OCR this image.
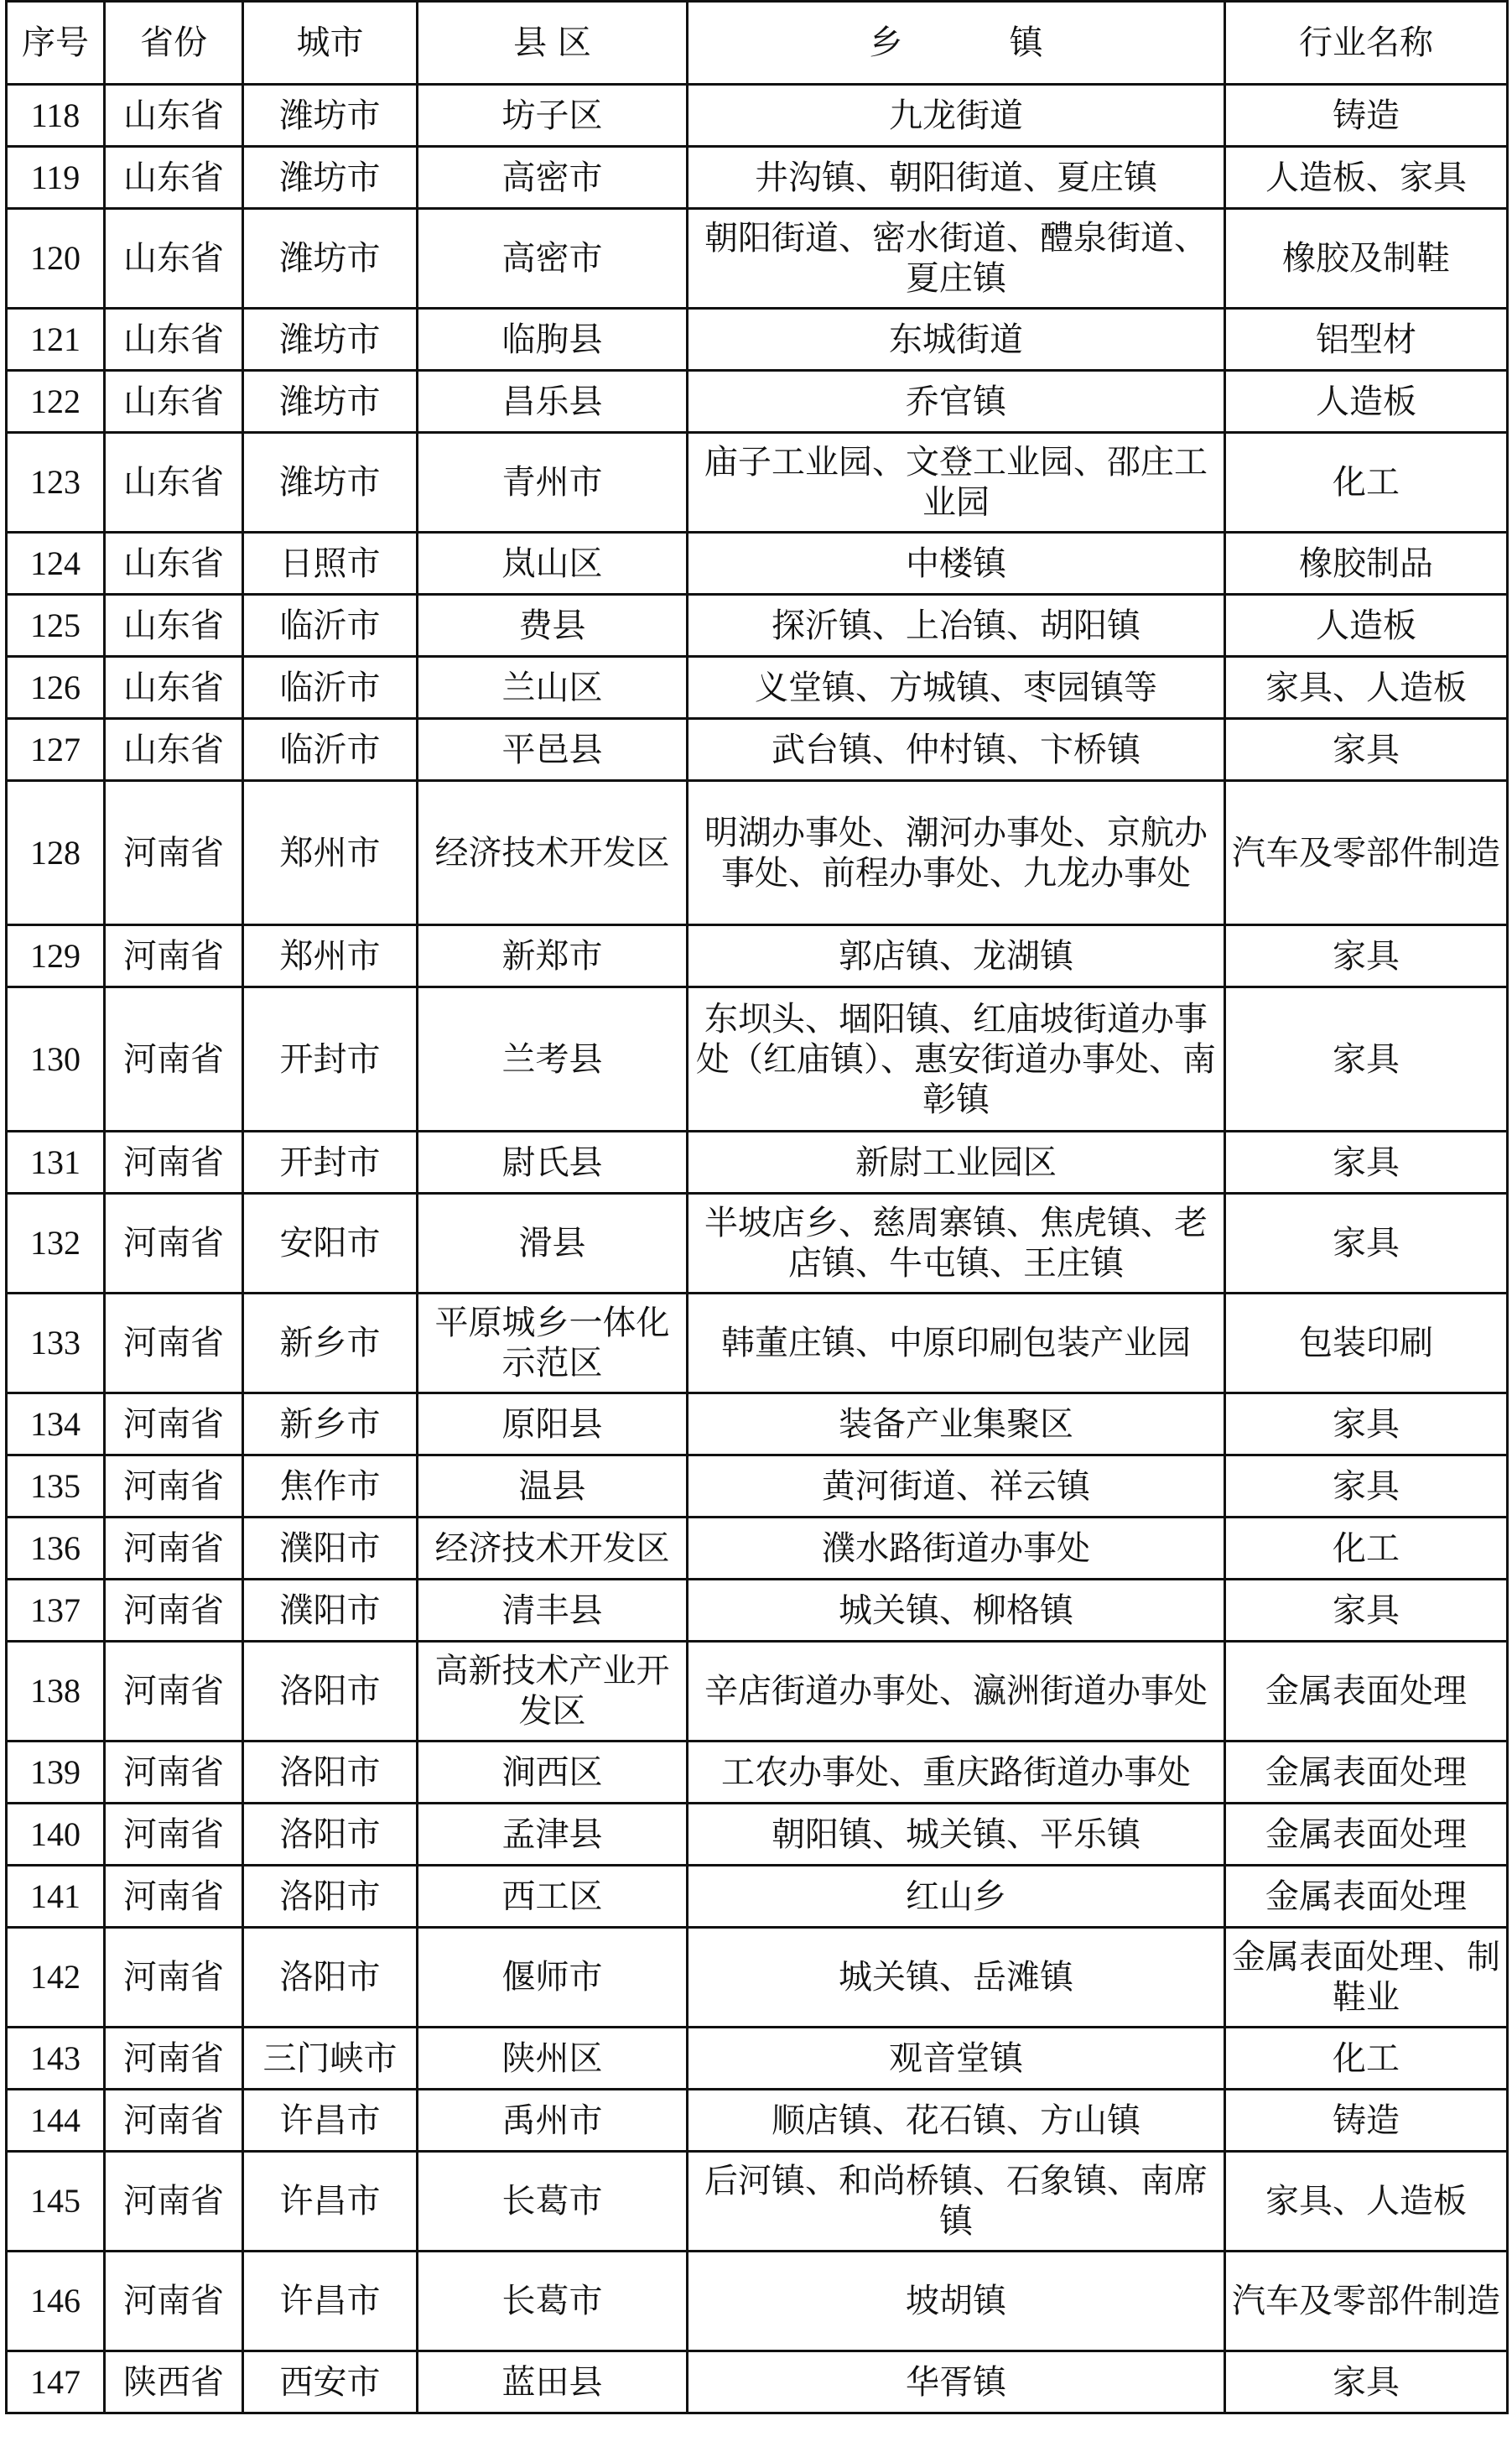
序号	省份	城市	县 区	乡          镇	行业名称
118	山东省	潍坊市	坊子区	九龙街道	铸造
119	山东省	潍坊市	高密市	井沟镇、朝阳街道、夏庄镇	人造板、家具
120	山东省	潍坊市	高密市	朝阳街道、密水街道、醴泉街道、夏庄镇	橡胶及制鞋
121	山东省	潍坊市	临朐县	东城街道	铝型材
122	山东省	潍坊市	昌乐县	乔官镇	人造板
123	山东省	潍坊市	青州市	庙子工业园、文登工业园、邵庄工业园	化工
124	山东省	日照市	岚山区	中楼镇	橡胶制品
125	山东省	临沂市	费县	探沂镇、上冶镇、胡阳镇	人造板
126	山东省	临沂市	兰山区	义堂镇、方城镇、枣园镇等	家具、人造板
127	山东省	临沂市	平邑县	武台镇、仲村镇、卞桥镇	家具
128	河南省	郑州市	经济技术开发区	明湖办事处、潮河办事处、京航办事处、前程办事处、九龙办事处	汽车及零部件制造
129	河南省	郑州市	新郑市	郭店镇、龙湖镇	家具
130	河南省	开封市	兰考县	东坝头、堌阳镇、红庙坡街道办事处（红庙镇）、惠安街道办事处、南彰镇	家具
131	河南省	开封市	尉氏县	新尉工业园区	家具
132	河南省	安阳市	滑县	半坡店乡、慈周寨镇、焦虎镇、老店镇、牛屯镇、王庄镇	家具
133	河南省	新乡市	平原城乡一体化示范区	韩董庄镇、中原印刷包装产业园	包装印刷
134	河南省	新乡市	原阳县	装备产业集聚区	家具
135	河南省	焦作市	温县	黄河街道、祥云镇	家具
136	河南省	濮阳市	经济技术开发区	濮水路街道办事处	化工
137	河南省	濮阳市	清丰县	城关镇、柳格镇	家具
138	河南省	洛阳市	高新技术产业开发区	辛店街道办事处、瀛洲街道办事处	金属表面处理
139	河南省	洛阳市	涧西区	工农办事处、重庆路街道办事处	金属表面处理
140	河南省	洛阳市	孟津县	朝阳镇、城关镇、平乐镇	金属表面处理
141	河南省	洛阳市	西工区	红山乡	金属表面处理
142	河南省	洛阳市	偃师市	城关镇、岳滩镇	金属表面处理、制鞋业
143	河南省	三门峡市	陕州区	观音堂镇	化工
144	河南省	许昌市	禹州市	顺店镇、花石镇、方山镇	铸造
145	河南省	许昌市	长葛市	后河镇、和尚桥镇、石象镇、南席镇	家具、人造板
146	河南省	许昌市	长葛市	坡胡镇	汽车及零部件制造
147	陕西省	西安市	蓝田县	华胥镇	家具
